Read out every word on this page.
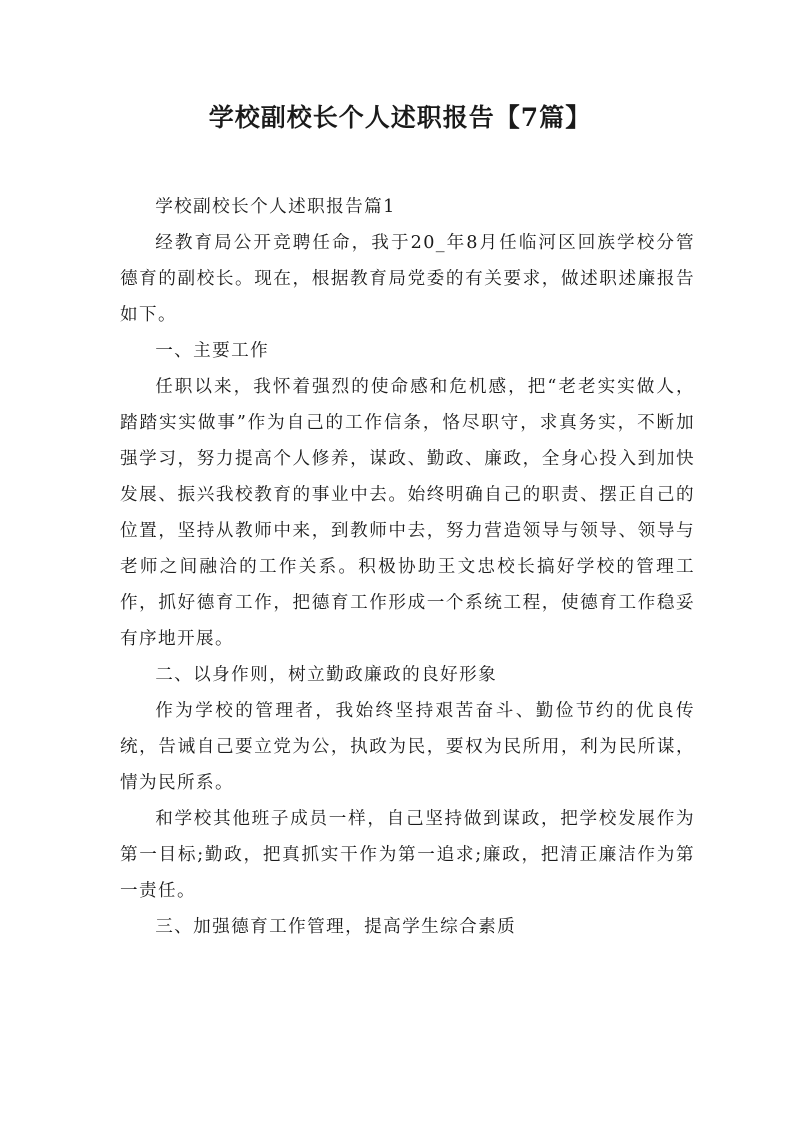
学校副校长个人述职报告【7篇】

学校副校长个人述职报告篇1

经教育局公开竞聘任命，我于20_年8月任临河区回族学校分管德育的副校长。现在，根据教育局党委的有关要求，做述职述廉报告如下。

一、主要工作

任职以来，我怀着强烈的使命感和危机感，把“老老实实做人，踏踏实实做事”作为自己的工作信条，恪尽职守，求真务实，不断加强学习，努力提高个人修养，谋政、勤政、廉政，全身心投入到加快发展、振兴我校教育的事业中去。始终明确自己的职责、摆正自己的位置，坚持从教师中来，到教师中去，努力营造领导与领导、领导与老师之间融洽的工作关系。积极协助王文忠校长搞好学校的管理工作，抓好德育工作，把德育工作形成一个系统工程，使德育工作稳妥有序地开展。

二、以身作则，树立勤政廉政的良好形象

作为学校的管理者，我始终坚持艰苦奋斗、勤俭节约的优良传统，告诫自己要立党为公，执政为民，要权为民所用，利为民所谋，情为民所系。

和学校其他班子成员一样，自己坚持做到谋政，把学校发展作为第一目标;勤政，把真抓实干作为第一追求;廉政，把清正廉洁作为第一责任。

三、加强德育工作管理，提高学生综合素质
